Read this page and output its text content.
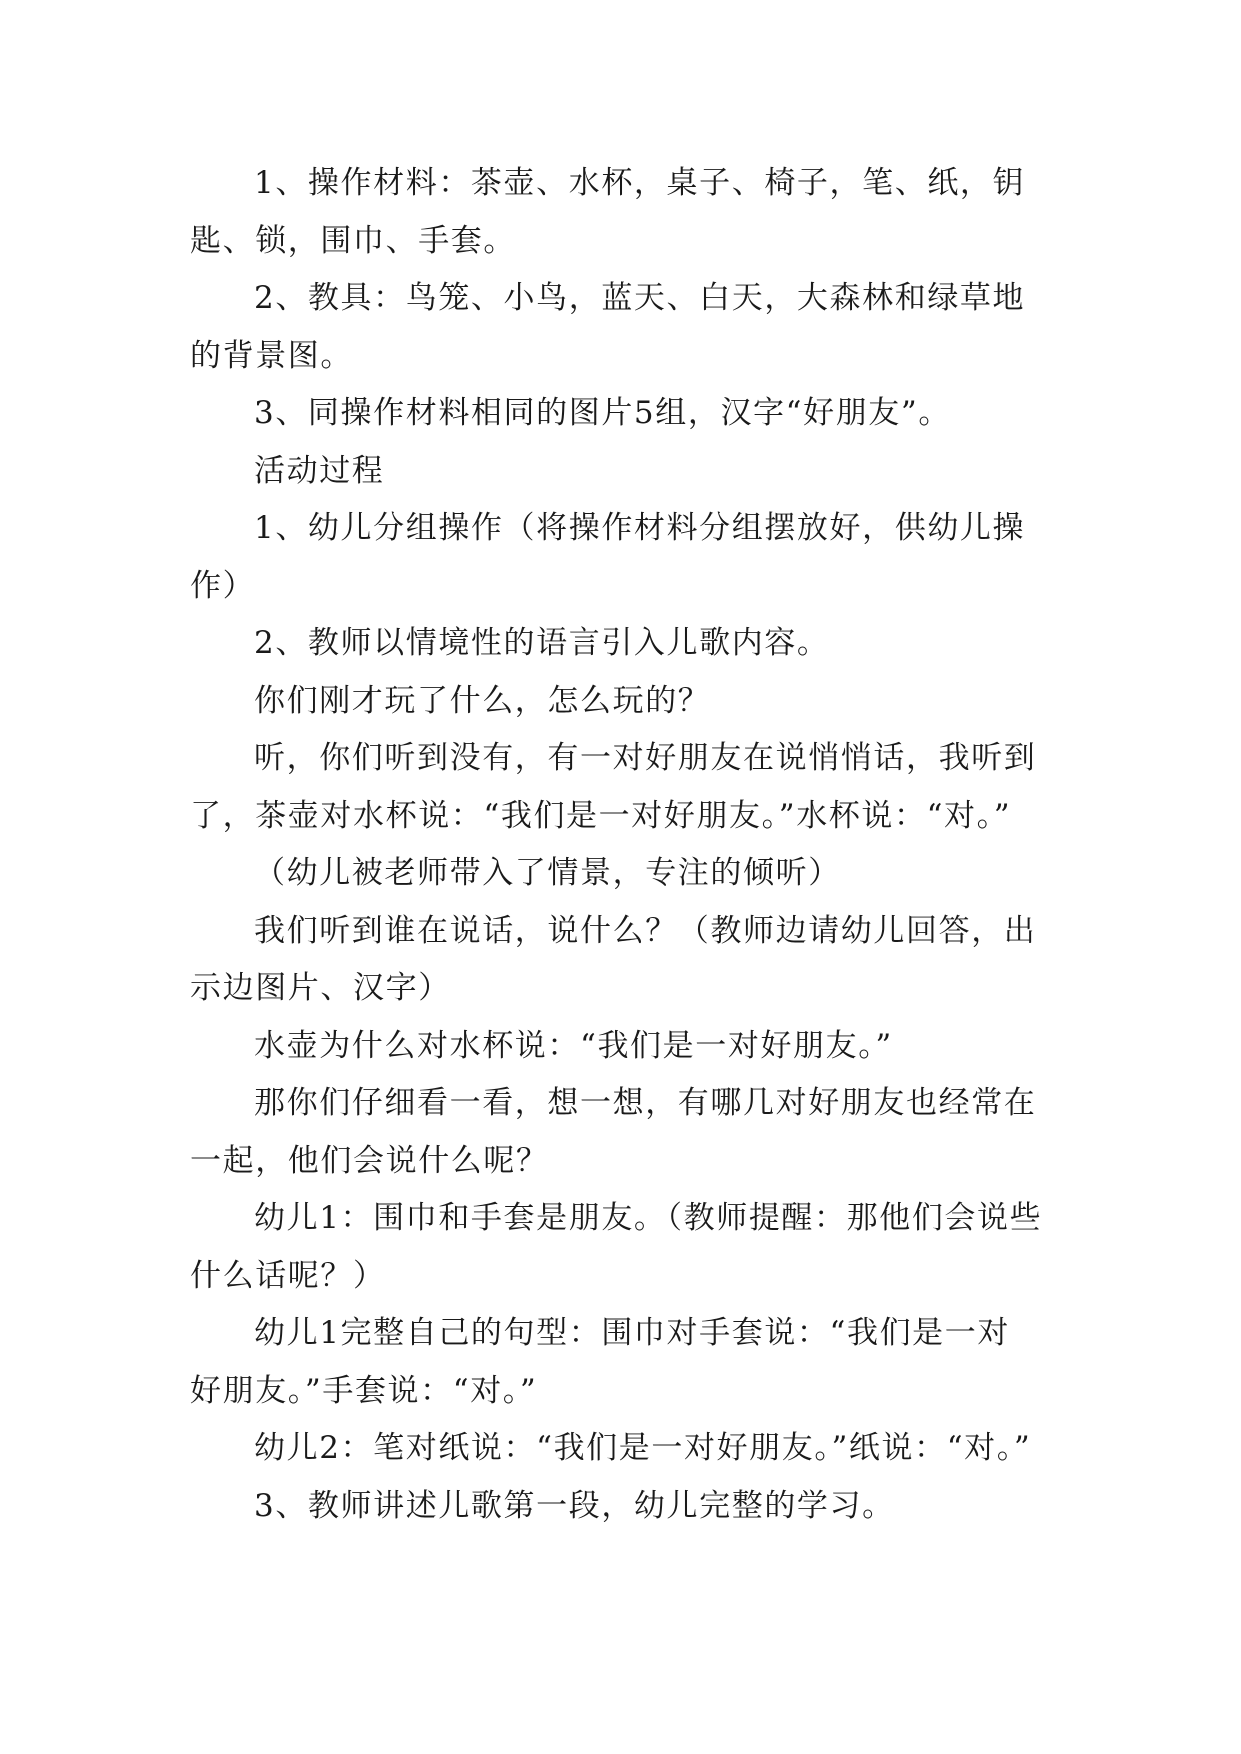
1、操作材料：茶壶、水杯，桌子、椅子，笔、纸，钥
匙、锁，围巾、手套。
2、教具：鸟笼、小鸟，蓝天、白天，大森林和绿草地
的背景图。
3、同操作材料相同的图片5组，汉字“好朋友”。
活动过程
1、幼儿分组操作（将操作材料分组摆放好，供幼儿操
作）
2、教师以情境性的语言引入儿歌内容。
你们刚才玩了什么，怎么玩的？
听，你们听到没有，有一对好朋友在说悄悄话，我听到
了，茶壶对水杯说：“我们是一对好朋友。”水杯说：“对。”
（幼儿被老师带入了情景，专注的倾听）
我们听到谁在说话，说什么？（教师边请幼儿回答，出
示边图片、汉字）
水壶为什么对水杯说：“我们是一对好朋友。”
那你们仔细看一看，想一想，有哪几对好朋友也经常在
一起，他们会说什么呢？
幼儿1：围巾和手套是朋友。（教师提醒：那他们会说些
什么话呢？）
幼儿1完整自己的句型：围巾对手套说：“我们是一对
好朋友。”手套说：“对。”
幼儿2：笔对纸说：“我们是一对好朋友。”纸说：“对。”
3、教师讲述儿歌第一段，幼儿完整的学习。
